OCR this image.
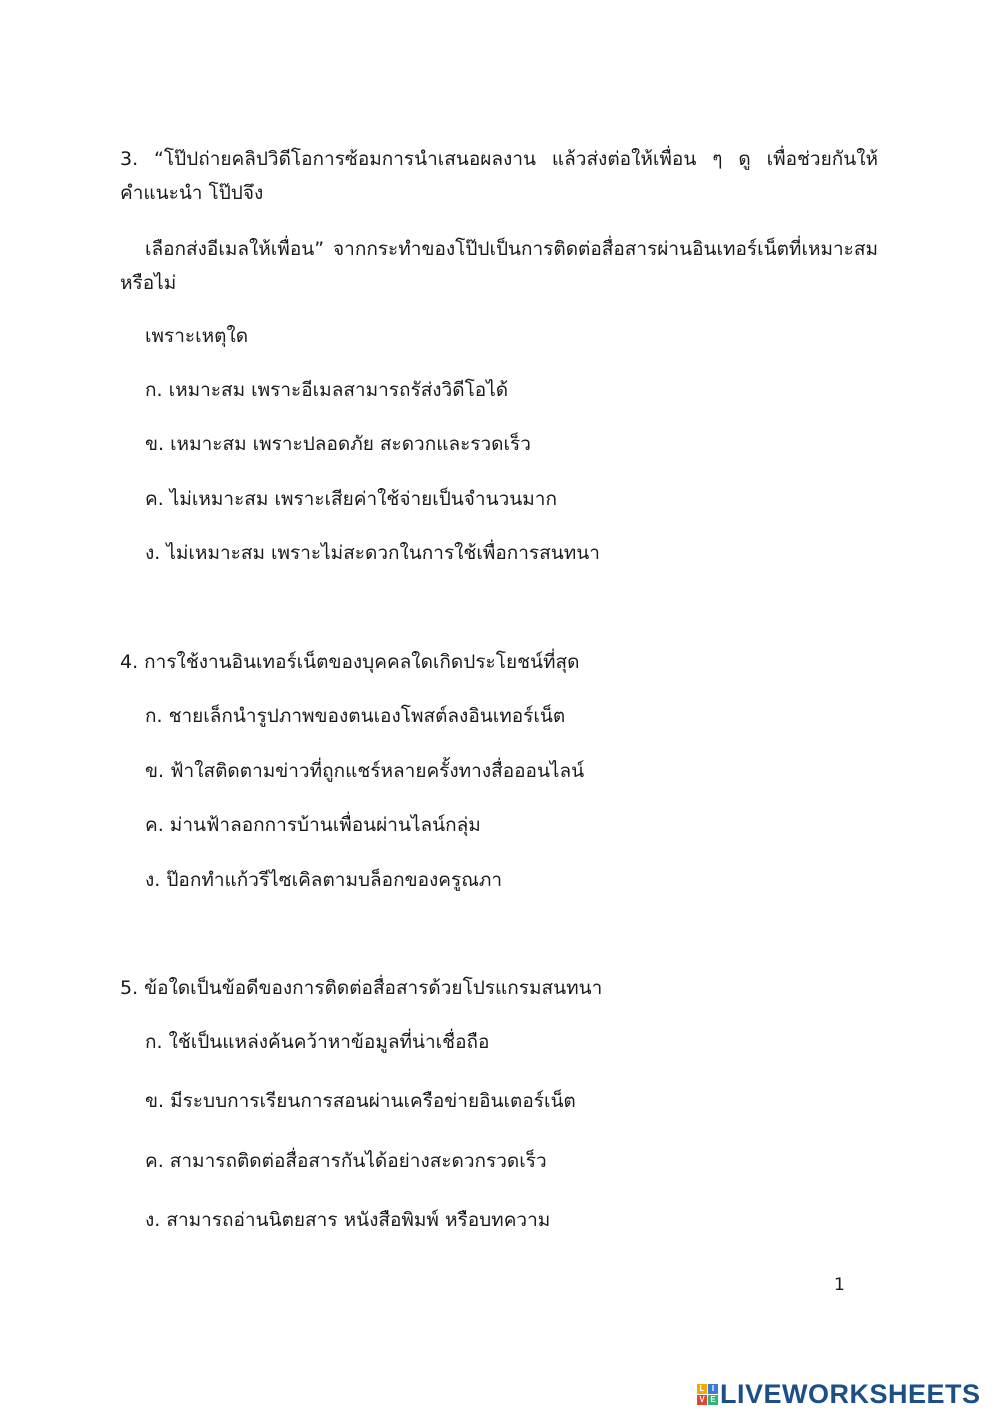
3. “โป๊ปถ่ายคลิปวิดีโอการซ้อมการนำเสนอผลงาน แล้วส่งต่อให้เพื่อน ๆ ดู เพื่อช่วยกันให้
คำแนะนำ โป๊ปจึง
เลือกส่งอีเมลให้เพื่อน” จากกระทำของโป๊ปเป็นการติดต่อสื่อสารผ่านอินเทอร์เน็ตที่เหมาะสม
หรือไม่
เพราะเหตุใด
ก. เหมาะสม เพราะอีเมลสามารถรัส่งวิดีโอได้
ข. เหมาะสม เพราะปลอดภัย สะดวกและรวดเร็ว
ค. ไม่เหมาะสม เพราะเสียค่าใช้จ่ายเป็นจำนวนมาก
ง. ไม่เหมาะสม เพราะไม่สะดวกในการใช้เพื่อการสนทนา
4. การใช้งานอินเทอร์เน็ตของบุคคลใดเกิดประโยชน์ที่สุด
ก. ชายเล็กนำรูปภาพของตนเองโพสต์ลงอินเทอร์เน็ต
ข. ฟ้าใสติดตามข่าวที่ถูกแชร์หลายครั้งทางสื่อออนไลน์
ค. ม่านฟ้าลอกการบ้านเพื่อนผ่านไลน์กลุ่ม
ง. ป๊อกทำแก้วรีไซเคิลตามบล็อกของครูณภา
5. ข้อใดเป็นข้อดีของการติดต่อสื่อสารด้วยโปรแกรมสนทนา
ก. ใช้เป็นแหล่งค้นคว้าหาข้อมูลที่น่าเชื่อถือ
ข. มีระบบการเรียนการสอนผ่านเครือข่ายอินเตอร์เน็ต
ค. สามารถติดต่อสื่อสารกันได้อย่างสะดวกรวดเร็ว
ง. สามารถอ่านนิตยสาร หนังสือพิมพ์ หรือบทความ
1
L I
V E LIVEWORKSHEETS
